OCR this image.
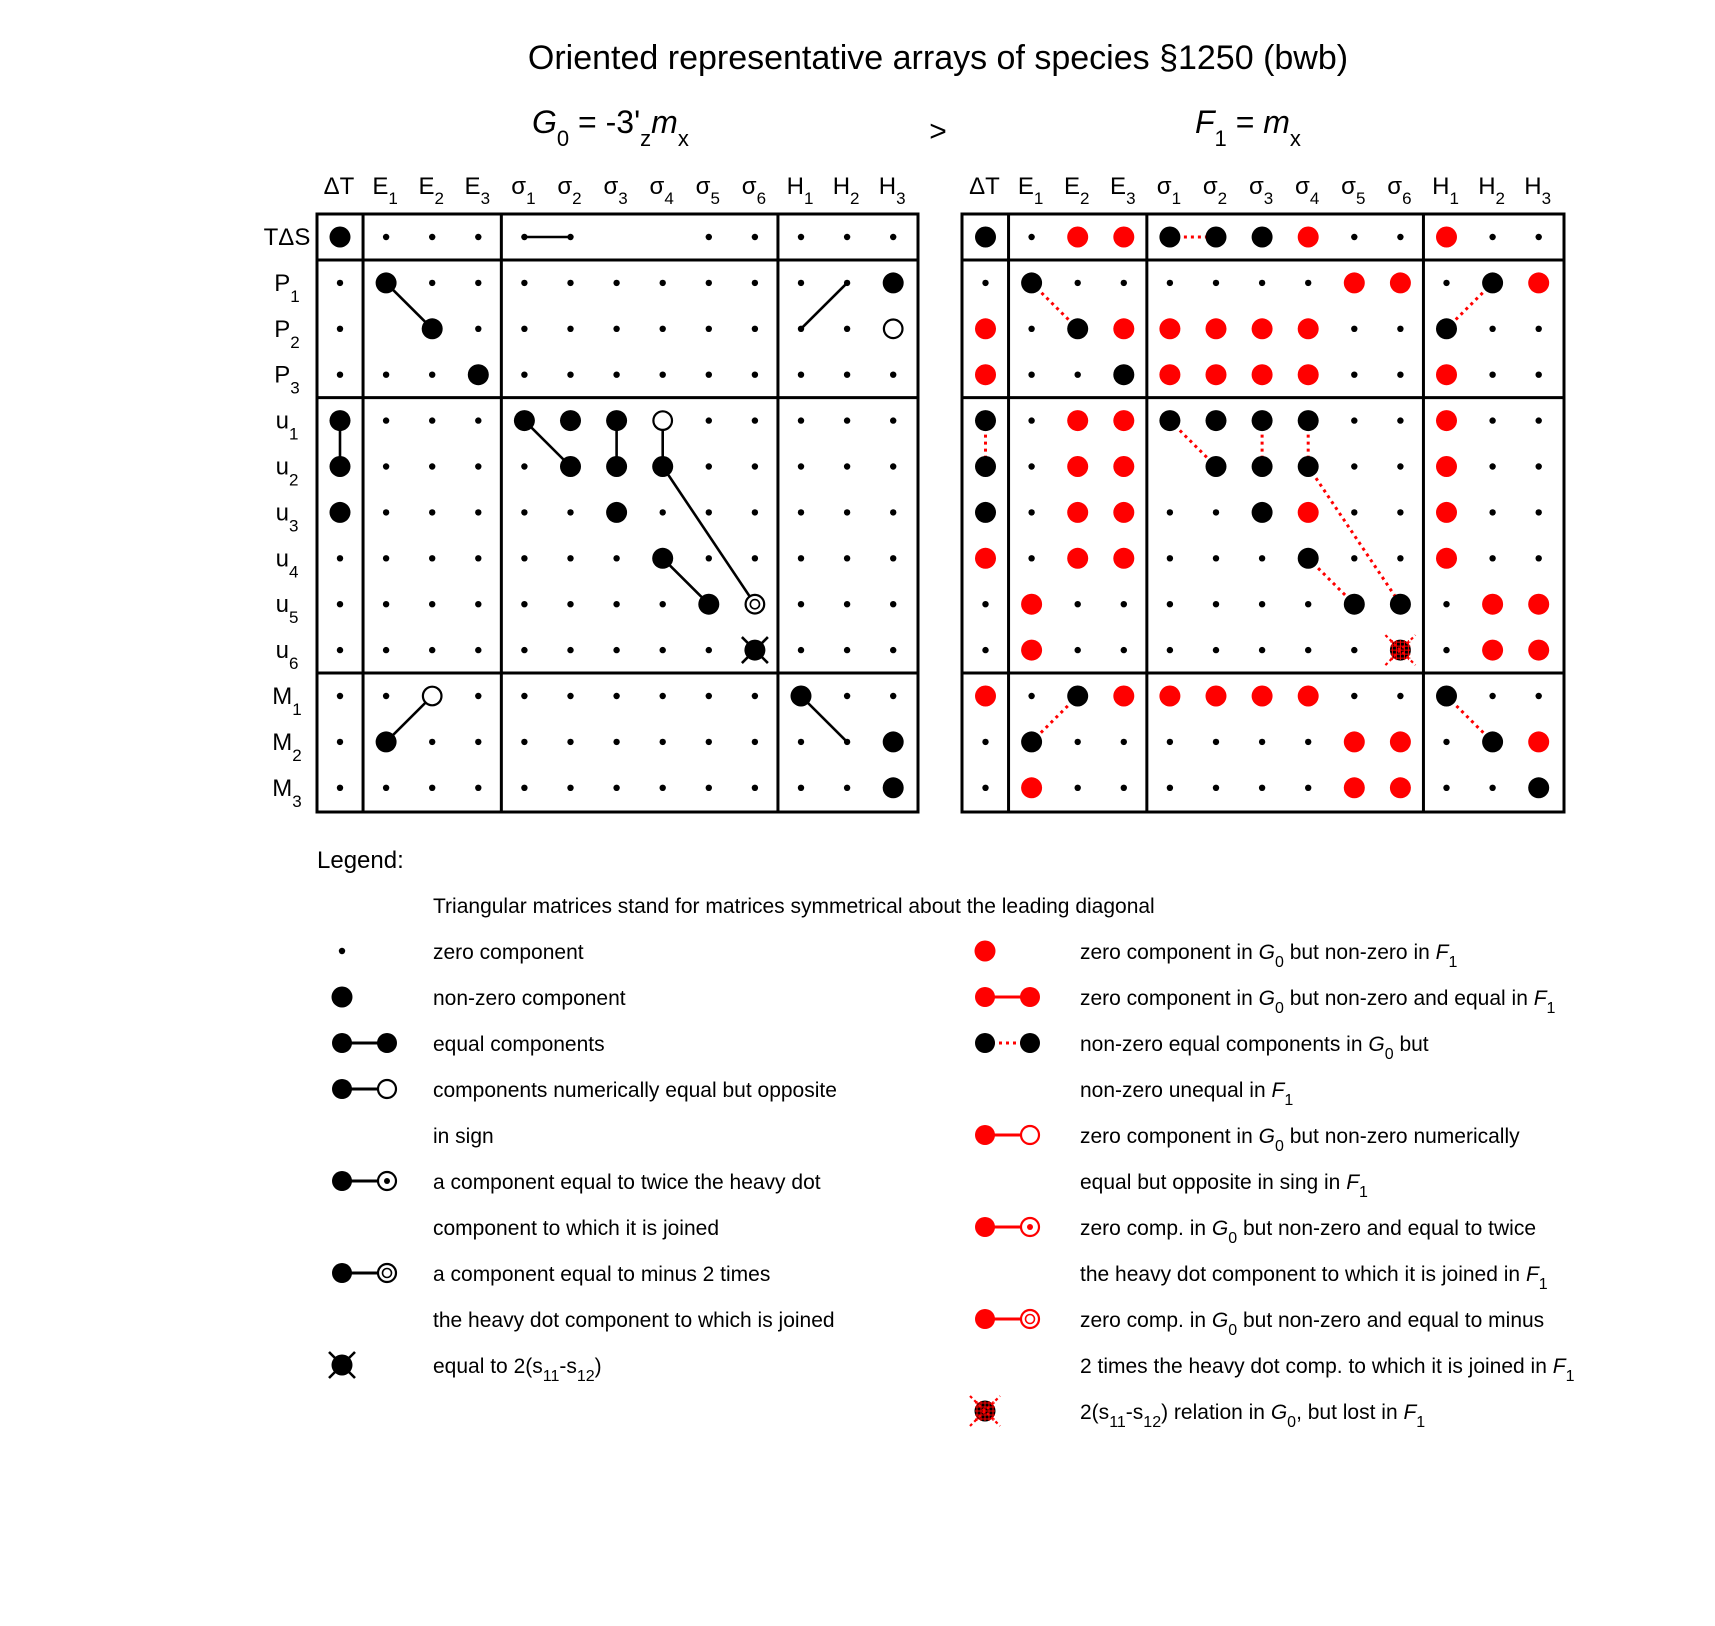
Oriented representative arrays of species §1250 (bwb)
>
$G_0 = -3'_zm_x$	$F_1 = m_x$
ΔT $E_1$ $E_2$ $E_3$ $\sigma_1$ $\sigma_2$ $\sigma_3$ $\sigma_4$ $\sigma_5$ $\sigma_6$ $H_1$ $H_2$ $H_3$
TΔS
$P_1$
$P_2$
$P_3$
$u_1$
$u_2$
$u_3$
$u_4$
$u_5$
$u_6$
$M_1$
$M_2$
$M_3$
ΔT $E_1$ $E_2$ $E_3$ $\sigma_1$ $\sigma_2$ $\sigma_3$ $\sigma_4$ $\sigma_5$ $\sigma_6$ $H_1$ $H_2$ $H_3$
Legend:
Triangular matrices stand for matrices symmetrical about the leading diagonal
zero component
non-zero component
equal components
components numerically equal but opposite
in sign
a component equal to twice the heavy dot
component to which it is joined
a component equal to minus 2 times
the heavy dot component to which is joined
equal to $2(s_{11}-s_{12})$
zero component in $G_0$ but non-zero in $F_1$
zero component in $G_0$ but non-zero and equal in $F_1$
non-zero equal components in $G_0$ but
non-zero unequal in $F_1$
zero component in $G_0$ but non-zero numerically
equal but opposite in sing in $F_1$
zero comp. in $G_0$ but non-zero and equal to twice
the heavy dot component to which it is joined in $F_1$
zero comp. in $G_0$ but non-zero and equal to minus
2 times the heavy dot comp. to which it is joined in $F_1$
$2(s_{11}-s_{12})$ relation in $G_0$, but lost in $F_1$
